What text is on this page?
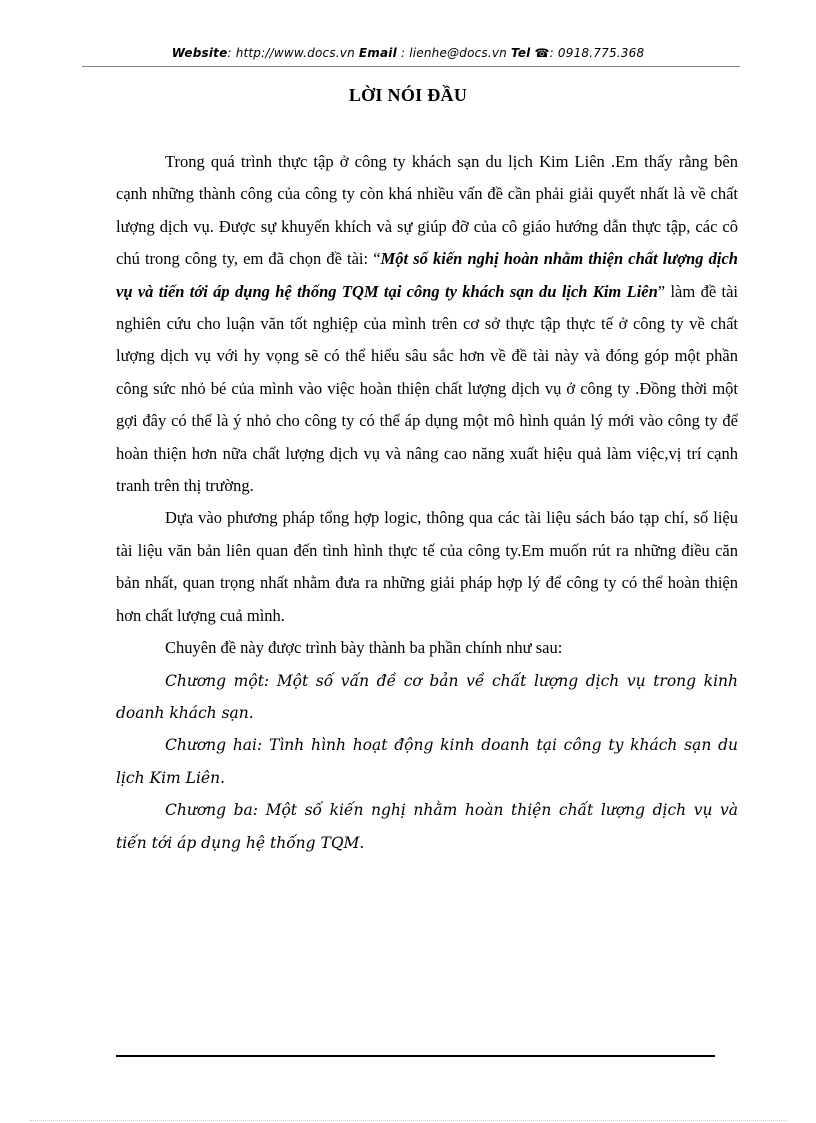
Website: http://www.docs.vn Email : lienhe@docs.vn Tel ☎: 0918.775.368
LỜI NÓI ĐẦU

Trong quá trình thực tập ở công ty khách sạn du lịch Kim Liên .Em thấy rằng bên cạnh những thành công của công ty còn khá nhiều vấn đề cần phải giải quyết nhất là về chất lượng dịch vụ. Được sự khuyến khích và sự giúp đỡ của cô giáo hướng dẫn thực tập, các cô chú trong công ty, em đã chọn đề tài: “Một số kiến nghị hoàn nhằm thiện chất lượng dịch vụ và tiến tới áp dụng hệ thống TQM tại công ty khách sạn du lịch Kim Liên” làm đề tài nghiên cứu cho luận văn tốt nghiệp của mình trên cơ sở thực tập thực tế ở công ty về chất lượng dịch vụ với hy vọng sẽ có thể hiểu sâu sắc hơn về đề tài này và đóng góp một phần công sức nhỏ bé của mình vào việc hoàn thiện chất lượng dịch vụ ở công ty .Đồng thời một gợi đây có thể là ý nhỏ cho công ty có thể áp dụng một mô hình quản lý mới vào công ty để hoàn thiện hơn nữa chất lượng dịch vụ và nâng cao năng xuất hiệu quả làm việc,vị trí cạnh tranh trên thị trường.

Dựa vào phương pháp tổng hợp logic, thông qua các tài liệu sách báo tạp chí, số liệu tài liệu văn bản liên quan đến tình hình thực tế của công ty.Em muốn rút ra những điều căn bản nhất, quan trọng nhất nhằm đưa ra những giải pháp hợp lý để công ty có thể hoàn thiện hơn chất lượng cuả mình.

Chuyên đề này được trình bày thành ba phần chính như sau:

Chương một: Một số vấn đề cơ bản về chất lượng dịch vụ trong kinh doanh khách sạn.

Chương hai: Tình hình hoạt động kinh doanh tại công ty khách sạn du lịch Kim Liên.

Chương ba: Một số kiến nghị nhằm hoàn thiện chất lượng dịch vụ và tiến tới áp dụng hệ thống TQM.
